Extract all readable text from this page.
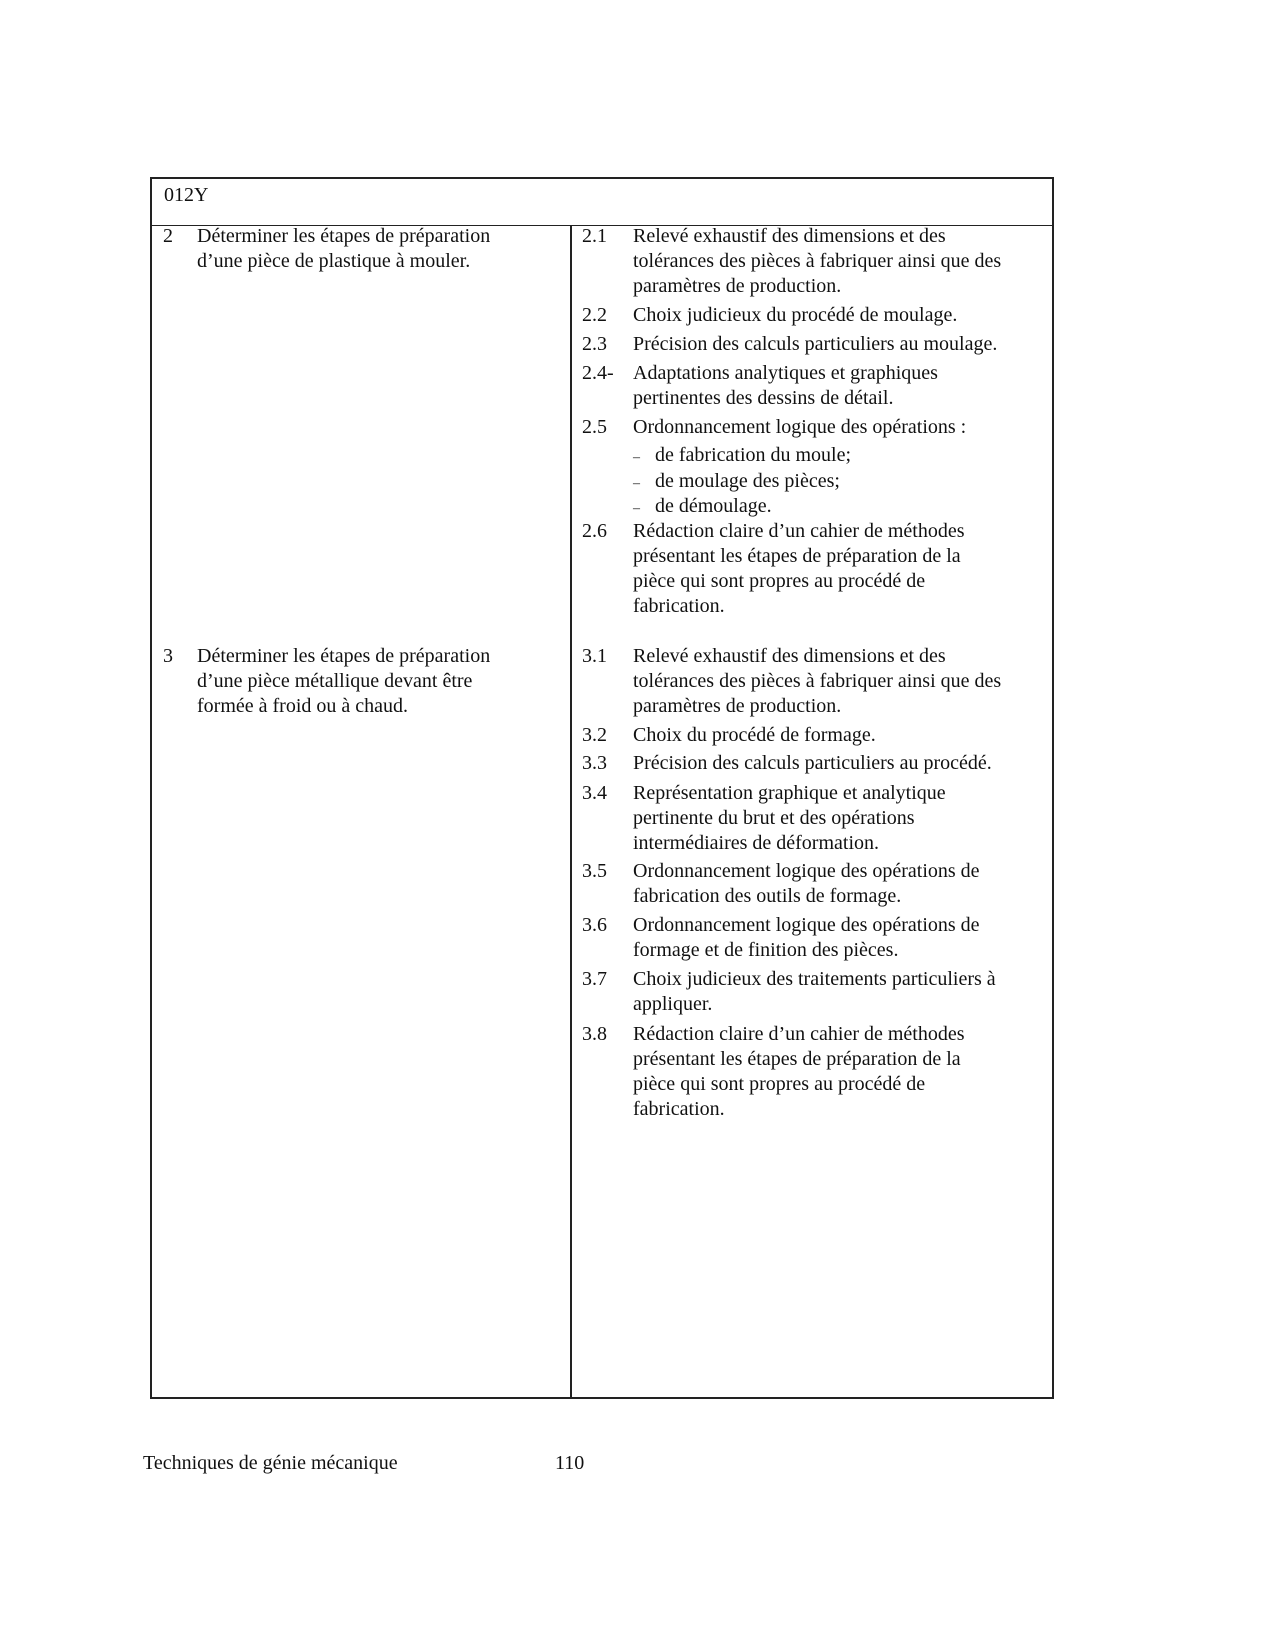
012Y
2 Déterminer les étapes de préparation
d’une pièce de plastique à mouler.
3 Déterminer les étapes de préparation
d’une pièce métallique devant être
formée à froid ou à chaud.
2.1 Relevé exhaustif des dimensions et des
tolérances des pièces à fabriquer ainsi que des
paramètres de production.
2.2 Choix judicieux du procédé de moulage.
2.3 Précision des calculs particuliers au moulage.
2.4- Adaptations analytiques et graphiques
pertinentes des dessins de détail.
2.5 Ordonnancement logique des opérations :
2.6 Rédaction claire d’un cahier de méthodes
présentant les étapes de préparation de la
pièce qui sont propres au procédé de
fabrication.
3.1 Relevé exhaustif des dimensions et des
tolérances des pièces à fabriquer ainsi que des
paramètres de production.
3.2 Choix du procédé de formage.
3.3 Précision des calculs particuliers au procédé.
3.4 Représentation graphique et analytique
pertinente du brut et des opérations
intermédiaires de déformation.
3.5 Ordonnancement logique des opérations de
fabrication des outils de formage.
3.6 Ordonnancement logique des opérations de
formage et de finition des pièces.
3.7 Choix judicieux des traitements particuliers à
appliquer.
3.8 Rédaction claire d’un cahier de méthodes
présentant les étapes de préparation de la
pièce qui sont propres au procédé de
fabrication.
– de fabrication du moule;
– de moulage des pièces;
– de démoulage.
Techniques de génie mécanique	110
